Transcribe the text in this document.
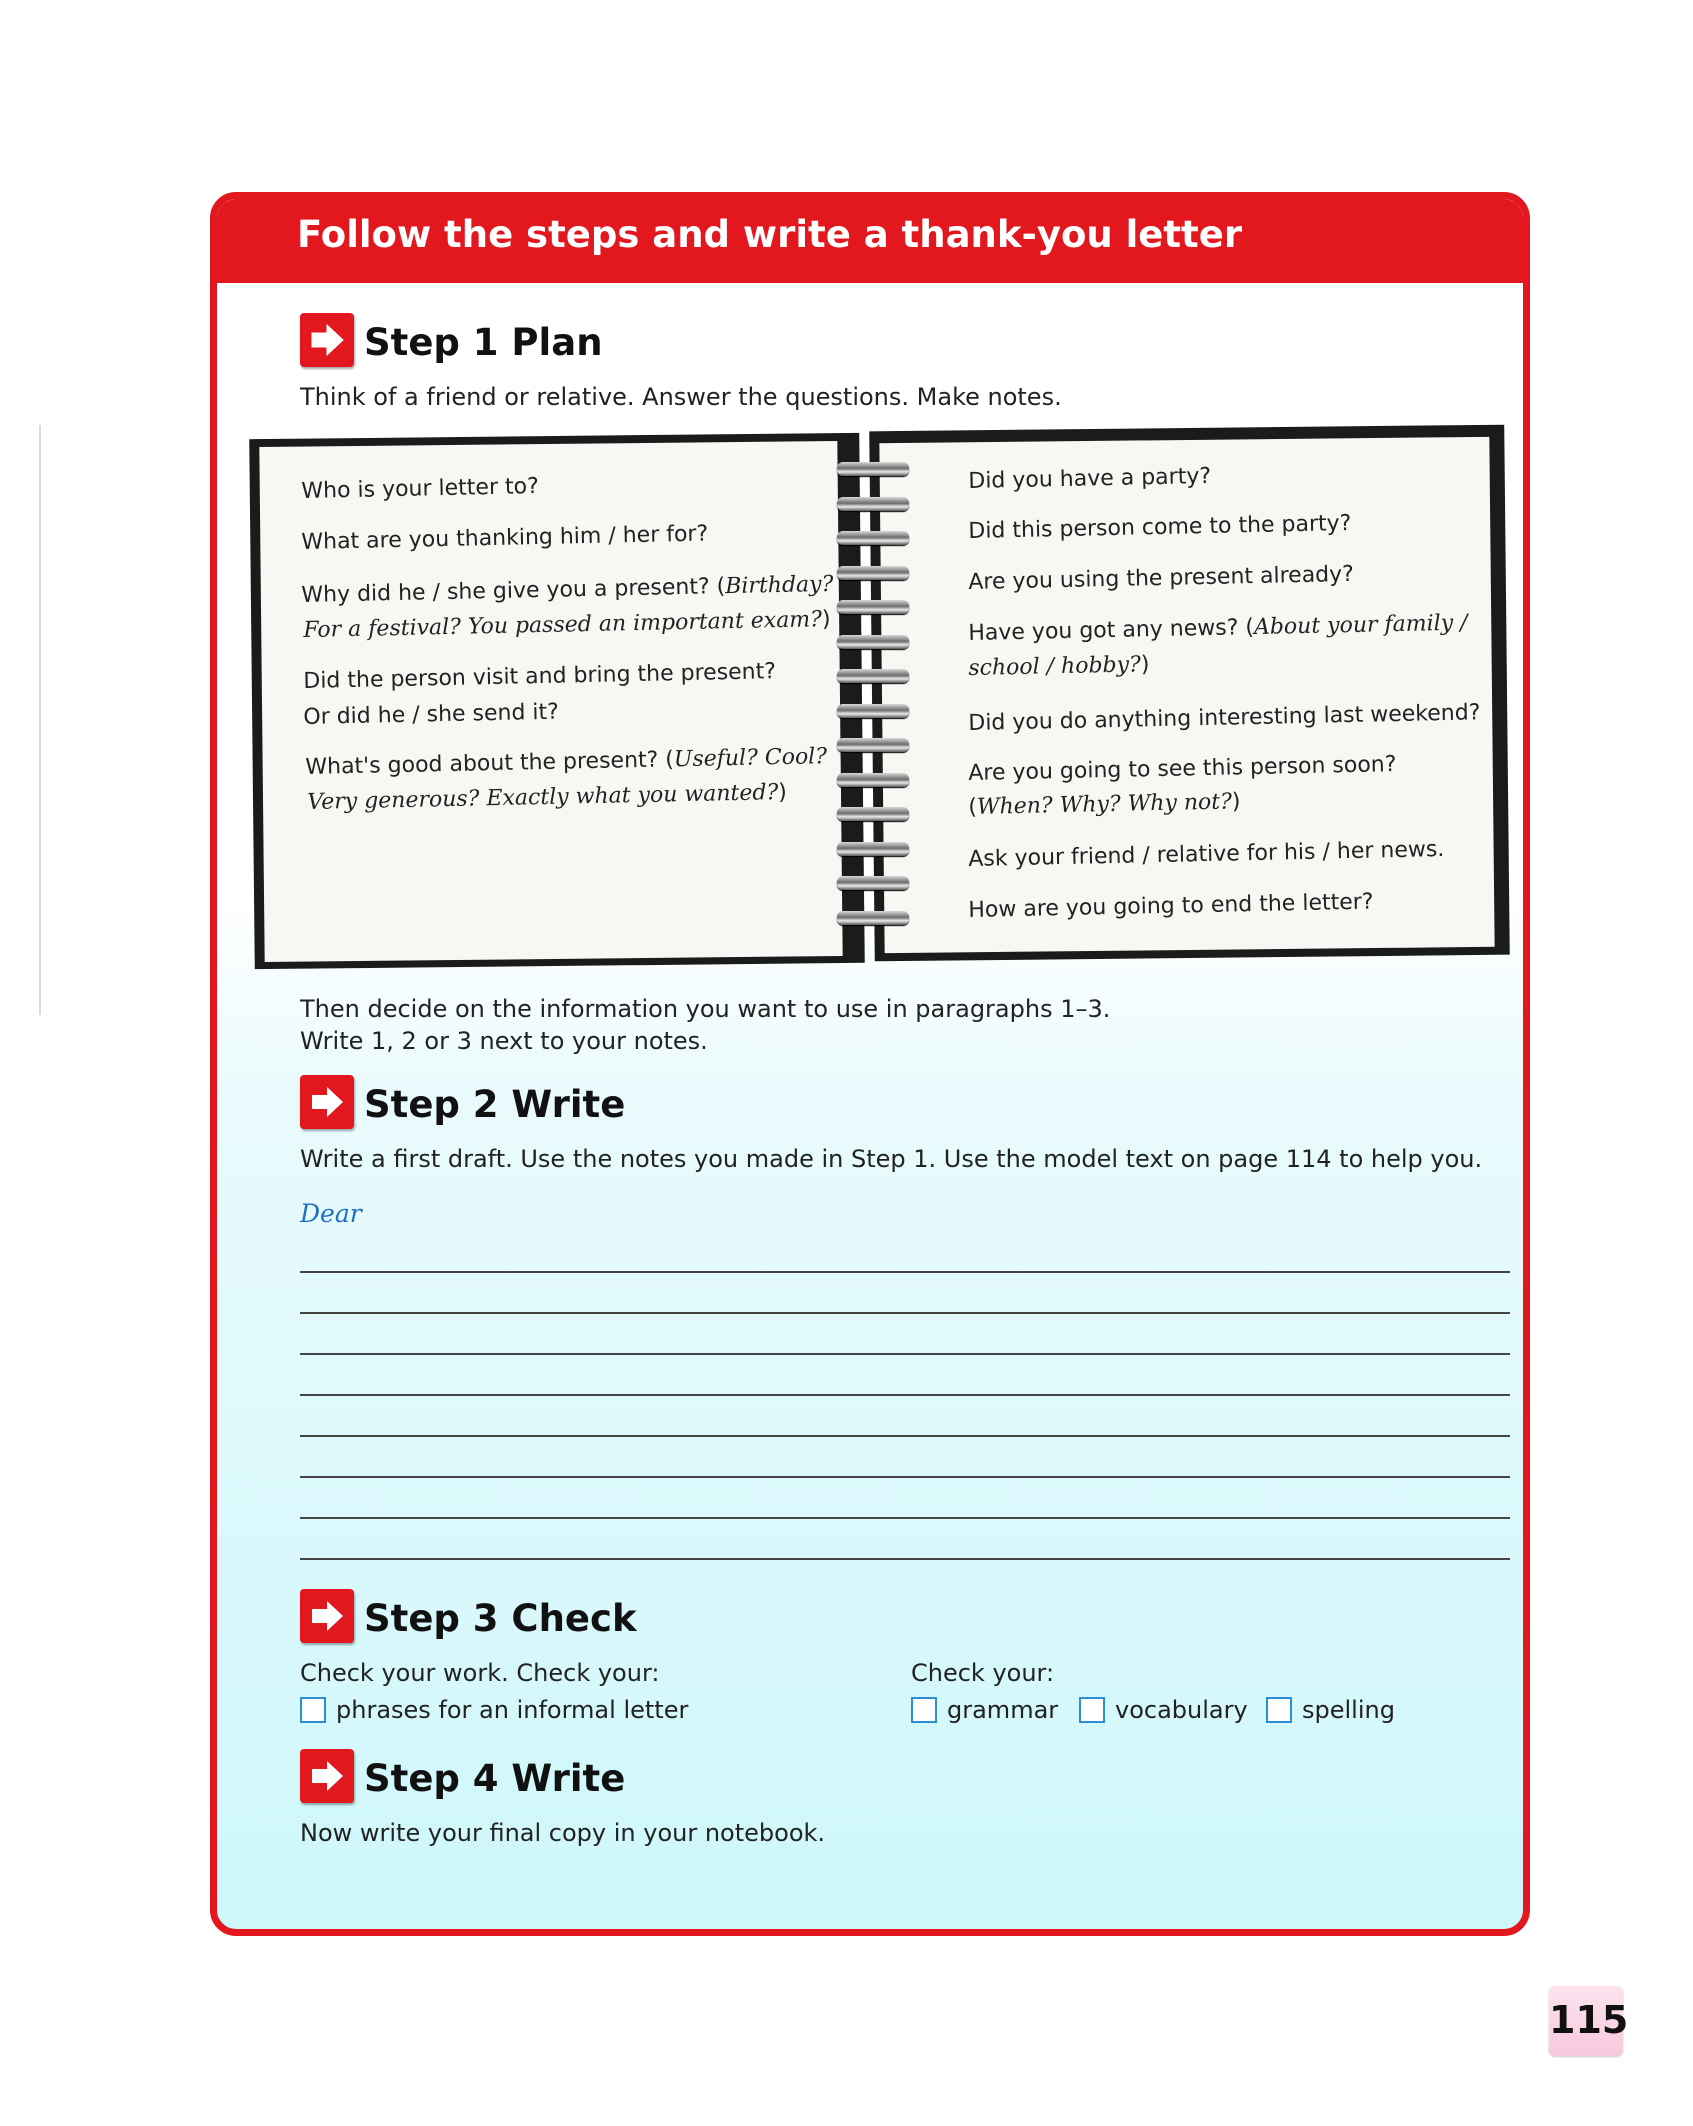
Follow the steps and write a thank-you letter
Step 1 Plan
Think of a friend or relative. Answer the questions. Make notes.
Then decide on the information you want to use in paragraphs 1–3.
Write 1, 2 or 3 next to your notes.
Step 2 Write
Write a first draft. Use the notes you made in Step 1. Use the model text on page 114 to help you.
Dear
Step 3 Check
Check your work. Check your:
phrases for an informal letter
Check your:
grammar vocabulary spelling
Step 4 Write
Now write your final copy in your notebook.
Who is your letter to?
What are you thanking him / her for?
Why did he / she give you a present? (Birthday?
For a festival? You passed an important exam?)
Did the person visit and bring the present?
Or did he / she send it?
What's good about the present? (Useful? Cool?
Very generous? Exactly what you wanted?)
Did you have a party?
Did this person come to the party?
Are you using the present already?
Have you got any news? (About your family /
school / hobby?)
Did you do anything interesting last weekend?
Are you going to see this person soon?
(When? Why? Why not?)
Ask your friend / relative for his / her news.
How are you going to end the letter?
115
